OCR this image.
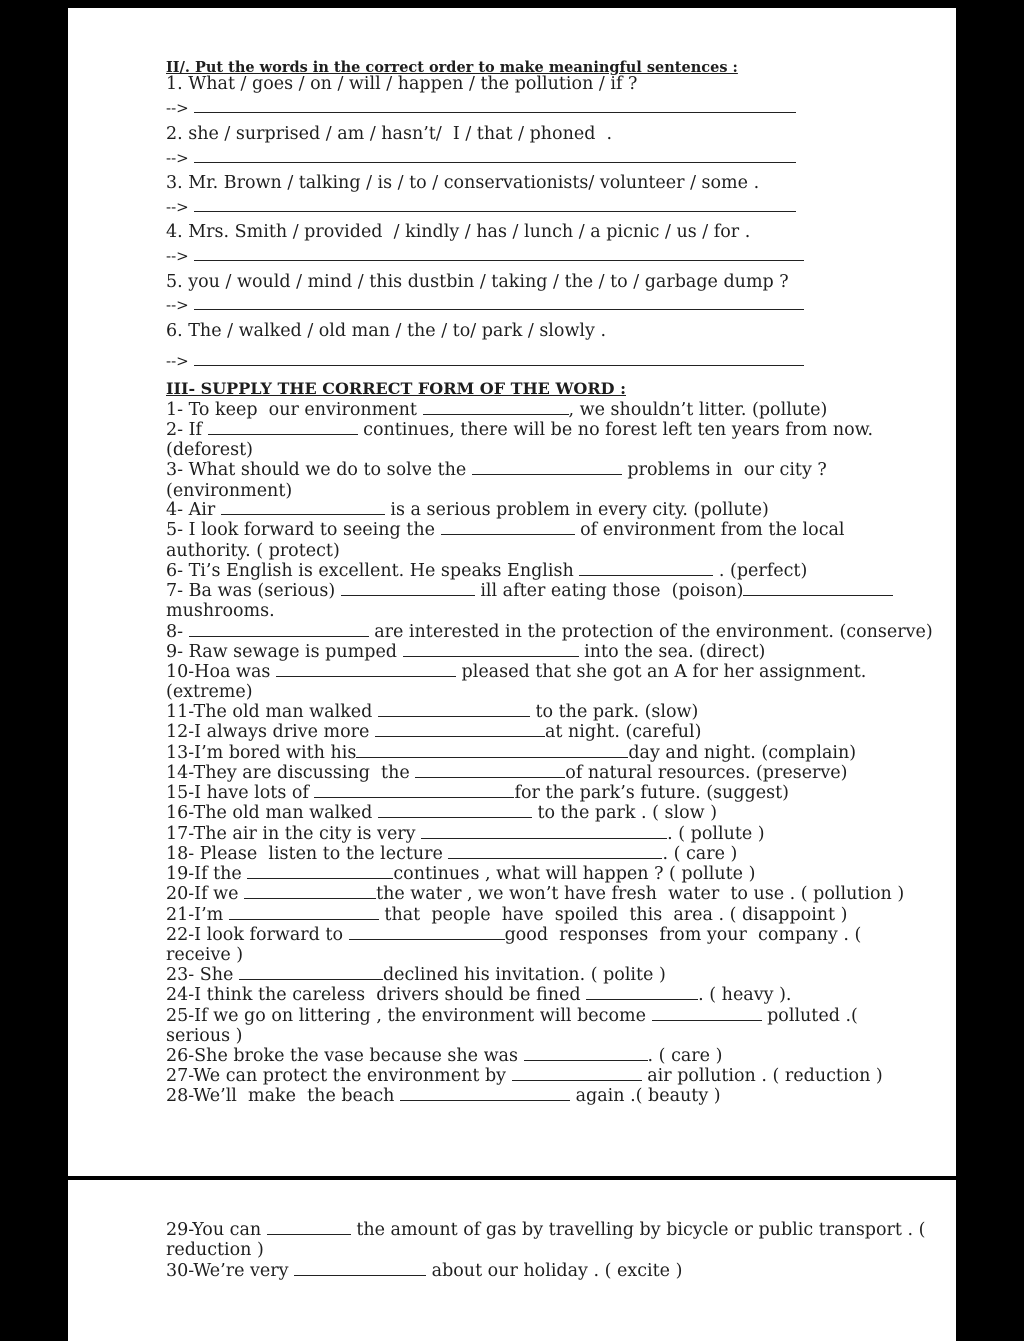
II/. Put the words in the correct order to make meaningful sentences :
1. What / goes / on / will / happen / the pollution / if ?
-->
2. she / surprised / am / hasn’t/  I / that / phoned  .
-->
3. Mr. Brown / talking / is / to / conservationists/ volunteer / some .
-->
4. Mrs. Smith / provided  / kindly / has / lunch / a picnic / us / for .
-->
5. you / would / mind / this dustbin / taking / the / to / garbage dump ?
-->
6. The / walked / old man / the / to/ park / slowly .
-->
III- SUPPLY THE CORRECT FORM OF THE WORD :
1- To keep  our environment	, we shouldn’t litter. (pollute)
2- If	continues, there will be no forest left ten years from now.
(deforest)
3- What should we do to solve the	problems in  our city ?
(environment)
4- Air	is a serious problem in every city. (pollute)
5- I look forward to seeing the	of environment from the local
authority. ( protect)
6- Ti’s English is excellent. He speaks English	. (perfect)
7- Ba was (serious)	ill after eating those  (poison)
mushrooms.
8-	are interested in the protection of the environment. (conserve)
9- Raw sewage is pumped	into the sea. (direct)
10-Hoa was	pleased that she got an A for her assignment.
(extreme)
11-The old man walked	to the park. (slow)
12-I always drive more	at night. (careful)
13-I’m bored with his	day and night. (complain)
14-They are discussing  the	of natural resources. (preserve)
15-I have lots of	for the park’s future. (suggest)
16-The old man walked	to the park . ( slow )
17-The air in the city is very	. ( pollute )
18- Please  listen to the lecture	. ( care )
19-If the	continues , what will happen ? ( pollute )
20-If we	the water , we won’t have fresh  water  to use . ( pollution )
21-I’m	that  people  have  spoiled  this  area . ( disappoint )
22-I look forward to	good  responses  from your  company . (
receive )
23- She	declined his invitation. ( polite )
24-I think the careless  drivers should be fined	. ( heavy ).
25-If we go on littering , the environment will become	polluted .(
serious )
26-She broke the vase because she was	. ( care )
27-We can protect the environment by	air pollution . ( reduction )
28-We’ll  make  the beach	again .( beauty )
29-You can	the amount of gas by travelling by bicycle or public transport . (
reduction )
30-We’re very	about our holiday . ( excite )
